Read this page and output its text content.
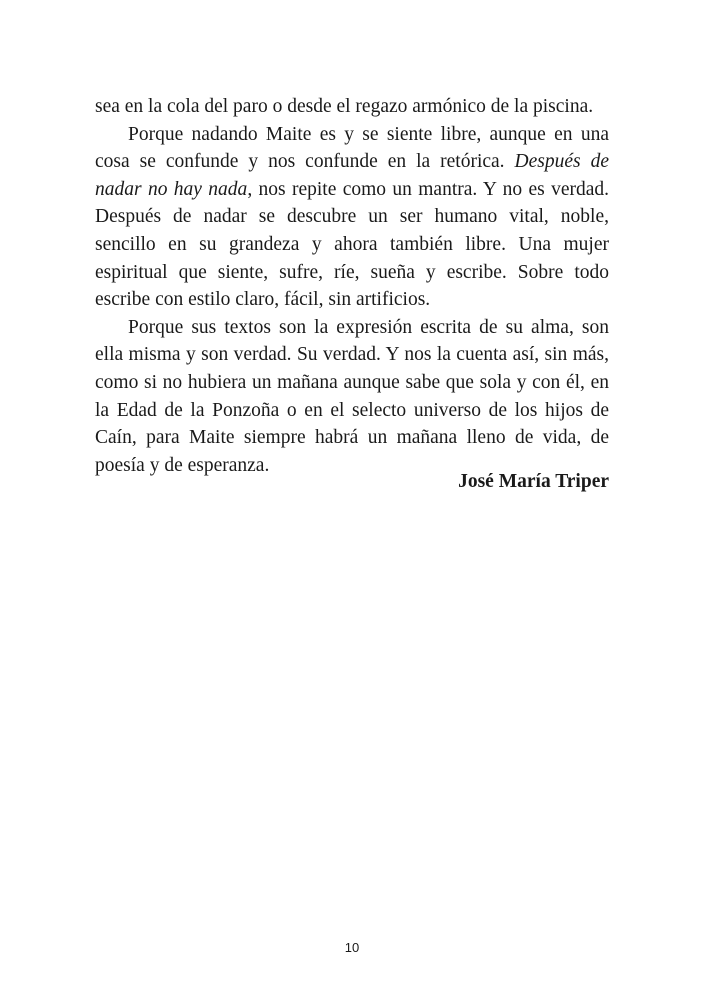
sea en la cola del paro o desde el regazo armónico de la piscina.

Porque nadando Maite es y se siente libre, aunque en una cosa se confunde y nos confunde en la retórica. Después de nadar no hay nada, nos repite como un mantra. Y no es verdad. Después de nadar se descubre un ser humano vital, noble, sencillo en su grandeza y ahora también libre. Una mujer espiritual que siente, sufre, ríe, sueña y escribe. Sobre todo escribe con estilo claro, fácil, sin artificios.

Porque sus textos son la expresión escrita de su alma, son ella misma y son verdad. Su verdad. Y nos la cuenta así, sin más, como si no hubiera un mañana aunque sabe que sola y con él, en la Edad de la Ponzoña o en el selecto universo de los hijos de Caín, para Maite siempre habrá un mañana lleno de vida, de poesía y de esperanza.

José María Triper
10
